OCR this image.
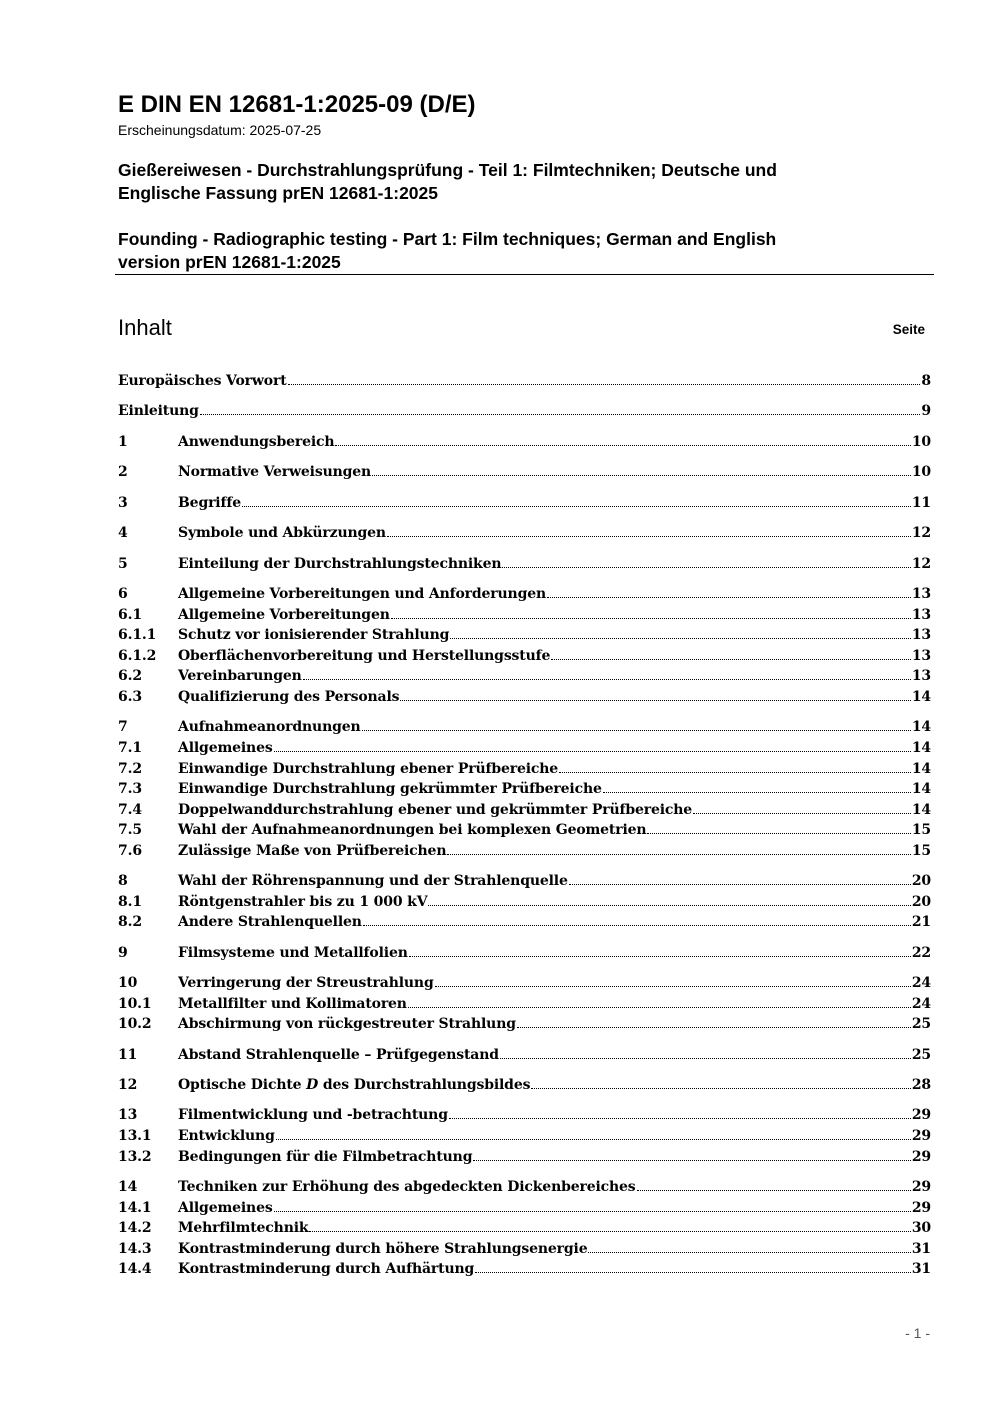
E DIN EN 12681-1:2025-09 (D/E)
Erscheinungsdatum: 2025-07-25
Gießereiwesen - Durchstrahlungsprüfung - Teil 1: Filmtechniken; Deutsche und
Englische Fassung prEN 12681-1:2025
Founding - Radiographic testing - Part 1: Film techniques; German and English
version prEN 12681-1:2025
Inhalt	Seite
Europäisches Vorwort	8
Einleitung	9
1	Anwendungsbereich	10
2	Normative Verweisungen	10
3	Begriffe	11
4	Symbole und Abkürzungen	12
5	Einteilung der Durchstrahlungstechniken	12
6	Allgemeine Vorbereitungen und Anforderungen	13
6.1	Allgemeine Vorbereitungen	13
6.1.1	Schutz vor ionisierender Strahlung	13
6.1.2	Oberflächenvorbereitung und Herstellungsstufe	13
6.2	Vereinbarungen	13
6.3	Qualifizierung des Personals	14
7	Aufnahmeanordnungen	14
7.1	Allgemeines	14
7.2	Einwandige Durchstrahlung ebener Prüfbereiche	14
7.3	Einwandige Durchstrahlung gekrümmter Prüfbereiche	14
7.4	Doppelwanddurchstrahlung ebener und gekrümmter Prüfbereiche	14
7.5	Wahl der Aufnahmeanordnungen bei komplexen Geometrien	15
7.6	Zulässige Maße von Prüfbereichen	15
8	Wahl der Röhrenspannung und der Strahlenquelle	20
8.1	Röntgenstrahler bis zu 1 000 kV	20
8.2	Andere Strahlenquellen	21
9	Filmsysteme und Metallfolien	22
10	Verringerung der Streustrahlung	24
10.1	Metallfilter und Kollimatoren	24
10.2	Abschirmung von rückgestreuter Strahlung	25
11	Abstand Strahlenquelle – Prüfgegenstand	25
12	Optische Dichte D des Durchstrahlungsbildes	28
13	Filmentwicklung und -betrachtung	29
13.1	Entwicklung	29
13.2	Bedingungen für die Filmbetrachtung	29
14	Techniken zur Erhöhung des abgedeckten Dickenbereiches	29
14.1	Allgemeines	29
14.2	Mehrfilmtechnik	30
14.3	Kontrastminderung durch höhere Strahlungsenergie	31
14.4	Kontrastminderung durch Aufhärtung	31
- 1 -
